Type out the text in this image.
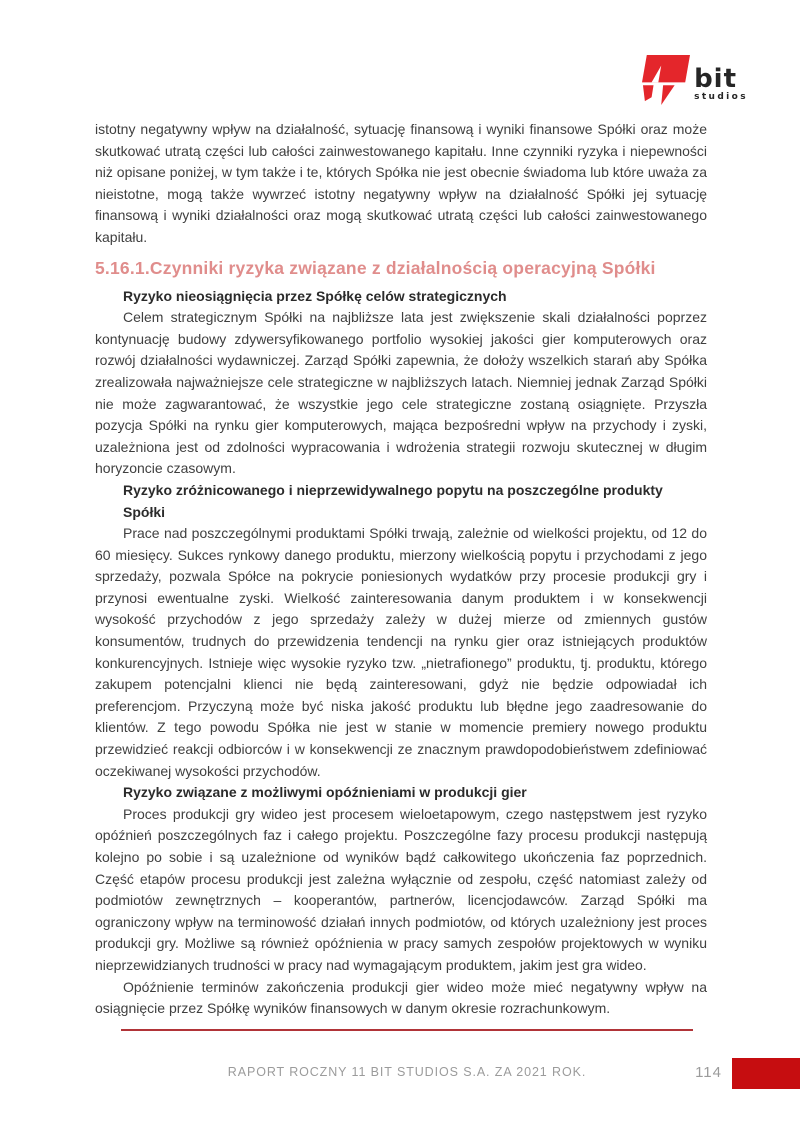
bit
studios

istotny negatywny wpływ na działalność, sytuację finansową i wyniki finansowe Spółki oraz może skutkować utratą części lub całości zainwestowanego kapitału. Inne czynniki ryzyka i niepewności niż opisane poniżej, w tym także i te, których Spółka nie jest obecnie świadoma lub które uważa za nieistotne, mogą także wywrzeć istotny negatywny wpływ na działalność Spółki jej sytuację finansową i wyniki działalności oraz mogą skutkować utratą części lub całości zainwestowanego kapitału.

5.16.1.Czynniki ryzyka związane z działalnością operacyjną Spółki
Ryzyko nieosiągnięcia przez Spółkę celów strategicznych

Celem strategicznym Spółki na najbliższe lata jest zwiększenie skali działalności poprzez kontynuację budowy zdywersyfikowanego portfolio wysokiej jakości gier komputerowych oraz rozwój działalności wydawniczej. Zarząd Spółki zapewnia, że dołoży wszelkich starań aby Spółka zrealizowała najważniejsze cele strategiczne w najbliższych latach. Niemniej jednak Zarząd Spółki nie może zagwarantować, że wszystkie jego cele strategiczne zostaną osiągnięte. Przyszła pozycja Spółki na rynku gier komputerowych, mająca bezpośredni wpływ na przychody i zyski, uzależniona jest od zdolności wypracowania i wdrożenia strategii rozwoju skutecznej w długim horyzoncie czasowym.

Ryzyko zróżnicowanego i nieprzewidywalnego popytu na poszczególne produkty Spółki

Prace nad poszczególnymi produktami Spółki trwają, zależnie od wielkości projektu, od 12 do 60 miesięcy. Sukces rynkowy danego produktu, mierzony wielkością popytu i przychodami z jego sprzedaży, pozwala Spółce na pokrycie poniesionych wydatków przy procesie produkcji gry i przynosi ewentualne zyski. Wielkość zainteresowania danym produktem i w konsekwencji wysokość przychodów z jego sprzedaży zależy w dużej mierze od zmiennych gustów konsumentów, trudnych do przewidzenia tendencji na rynku gier oraz istniejących produktów konkurencyjnych. Istnieje więc wysokie ryzyko tzw. „nietrafionego” produktu, tj. produktu, którego zakupem potencjalni klienci nie będą zainteresowani, gdyż nie będzie odpowiadał ich preferencjom. Przyczyną może być niska jakość produktu lub błędne jego zaadresowanie do klientów. Z tego powodu Spółka nie jest w stanie w momencie premiery nowego produktu przewidzieć reakcji odbiorców i w konsekwencji ze znacznym prawdopodobieństwem zdefiniować oczekiwanej wysokości przychodów.

Ryzyko związane z możliwymi opóźnieniami w produkcji gier

Proces produkcji gry wideo jest procesem wieloetapowym, czego następstwem jest ryzyko opóźnień poszczególnych faz i całego projektu. Poszczególne fazy procesu produkcji następują kolejno po sobie i są uzależnione od wyników bądź całkowitego ukończenia faz poprzednich. Część etapów procesu produkcji jest zależna wyłącznie od zespołu, część natomiast zależy od podmiotów zewnętrznych – kooperantów, partnerów, licencjodawców. Zarząd Spółki ma ograniczony wpływ na terminowość działań innych podmiotów, od których uzależniony jest proces produkcji gry. Możliwe są również opóźnienia w pracy samych zespołów projektowych w wyniku nieprzewidzianych trudności w pracy nad wymagającym produktem, jakim jest gra wideo.

Opóźnienie terminów zakończenia produkcji gier wideo może mieć negatywny wpływ na osiągnięcie przez Spółkę wyników finansowych w danym okresie rozrachunkowym.

RAPORT ROCZNY 11 BIT STUDIOS S.A. ZA 2021 ROK.	114
